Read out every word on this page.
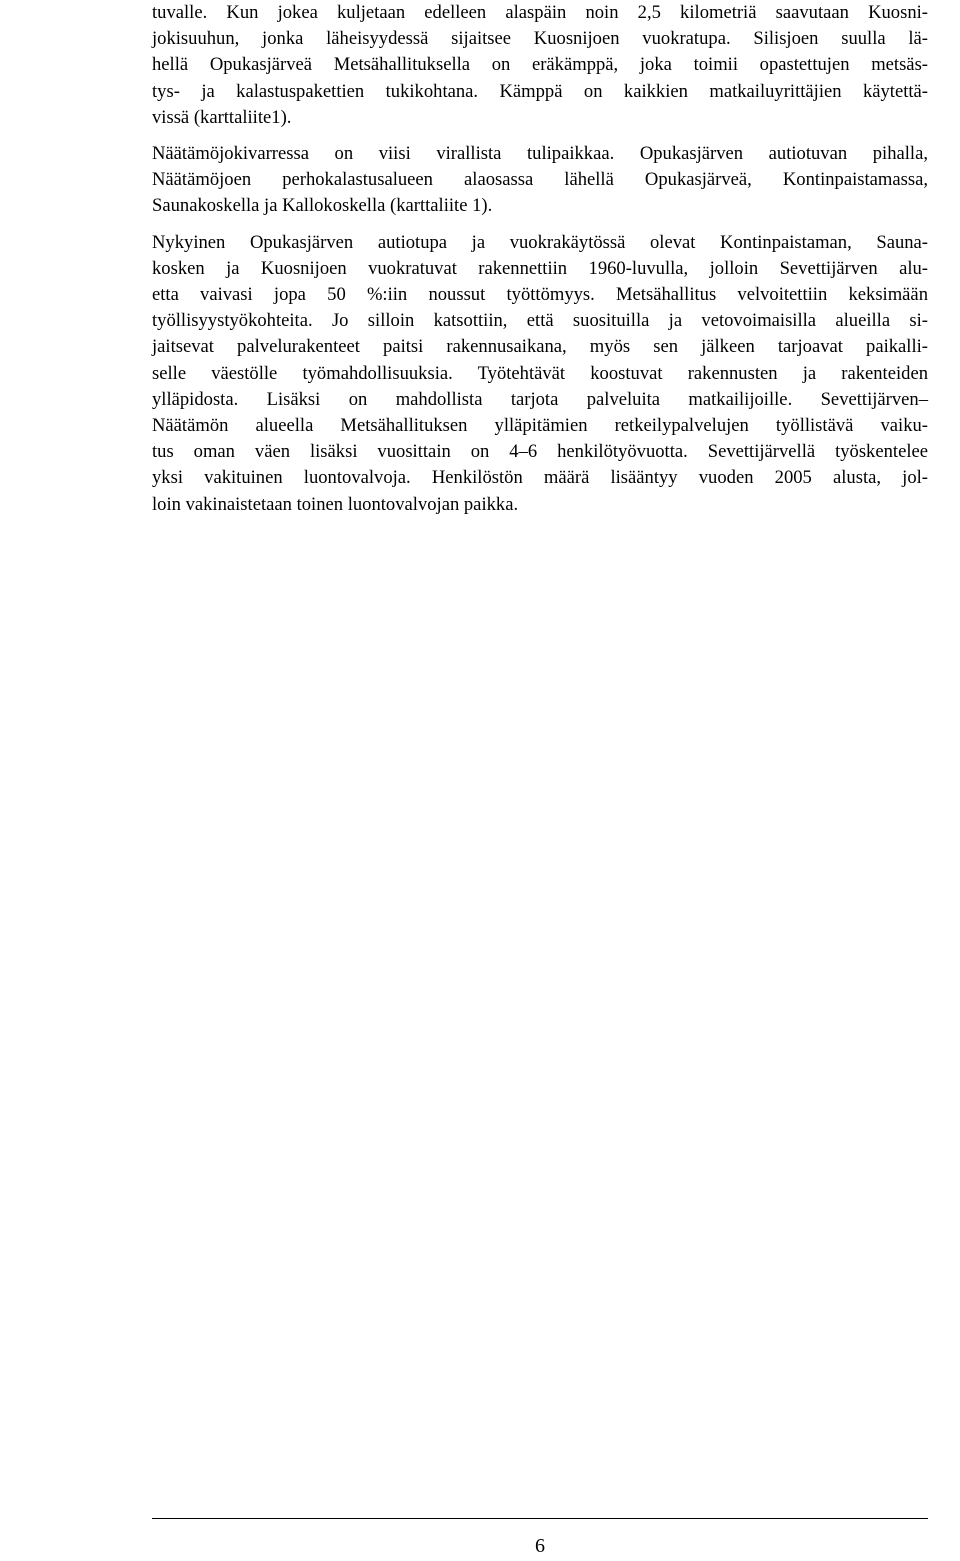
tuvalle. Kun jokea kuljetaan edelleen alaspäin noin 2,5 kilometriä saavutaan Kuosni-
jokisuuhun, jonka läheisyydessä sijaitsee Kuosnijoen vuokratupa. Silisjoen suulla lä-
hellä Opukasjärveä Metsähallituksella on eräkämppä, joka toimii opastettujen metsäs-
tys- ja kalastuspakettien tukikohtana. Kämppä on kaikkien matkailuyrittäjien käytettä-
vissä (karttaliite1).

Näätämöjokivarressa on viisi virallista tulipaikkaa. Opukasjärven autiotuvan pihalla,
Näätämöjoen perhokalastusalueen alaosassa lähellä Opukasjärveä, Kontinpaistamassa,
Saunakoskella ja Kallokoskella (karttaliite 1).

Nykyinen Opukasjärven autiotupa ja vuokrakäytössä olevat Kontinpaistaman, Sauna-
kosken ja Kuosnijoen vuokratuvat rakennettiin 1960-luvulla, jolloin Sevettijärven alu-
etta vaivasi jopa 50 %:iin noussut työttömyys. Metsähallitus velvoitettiin keksimään
työllisyystyökohteita. Jo silloin katsottiin, että suosituilla ja vetovoimaisilla alueilla si-
jaitsevat palvelurakenteet paitsi rakennusaikana, myös sen jälkeen tarjoavat paikalli-
selle väestölle työmahdollisuuksia. Työtehtävät koostuvat rakennusten ja rakenteiden
ylläpidosta. Lisäksi on mahdollista tarjota palveluita matkailijoille. Sevettijärven–
Näätämön alueella Metsähallituksen ylläpitämien retkeilypalvelujen työllistävä vaiku-
tus oman väen lisäksi vuosittain on 4–6 henkilötyövuotta. Sevettijärvellä työskentelee
yksi vakituinen luontovalvoja. Henkilöstön määrä lisääntyy vuoden 2005 alusta, jol-
loin vakinaistetaan toinen luontovalvojan paikka.

6
